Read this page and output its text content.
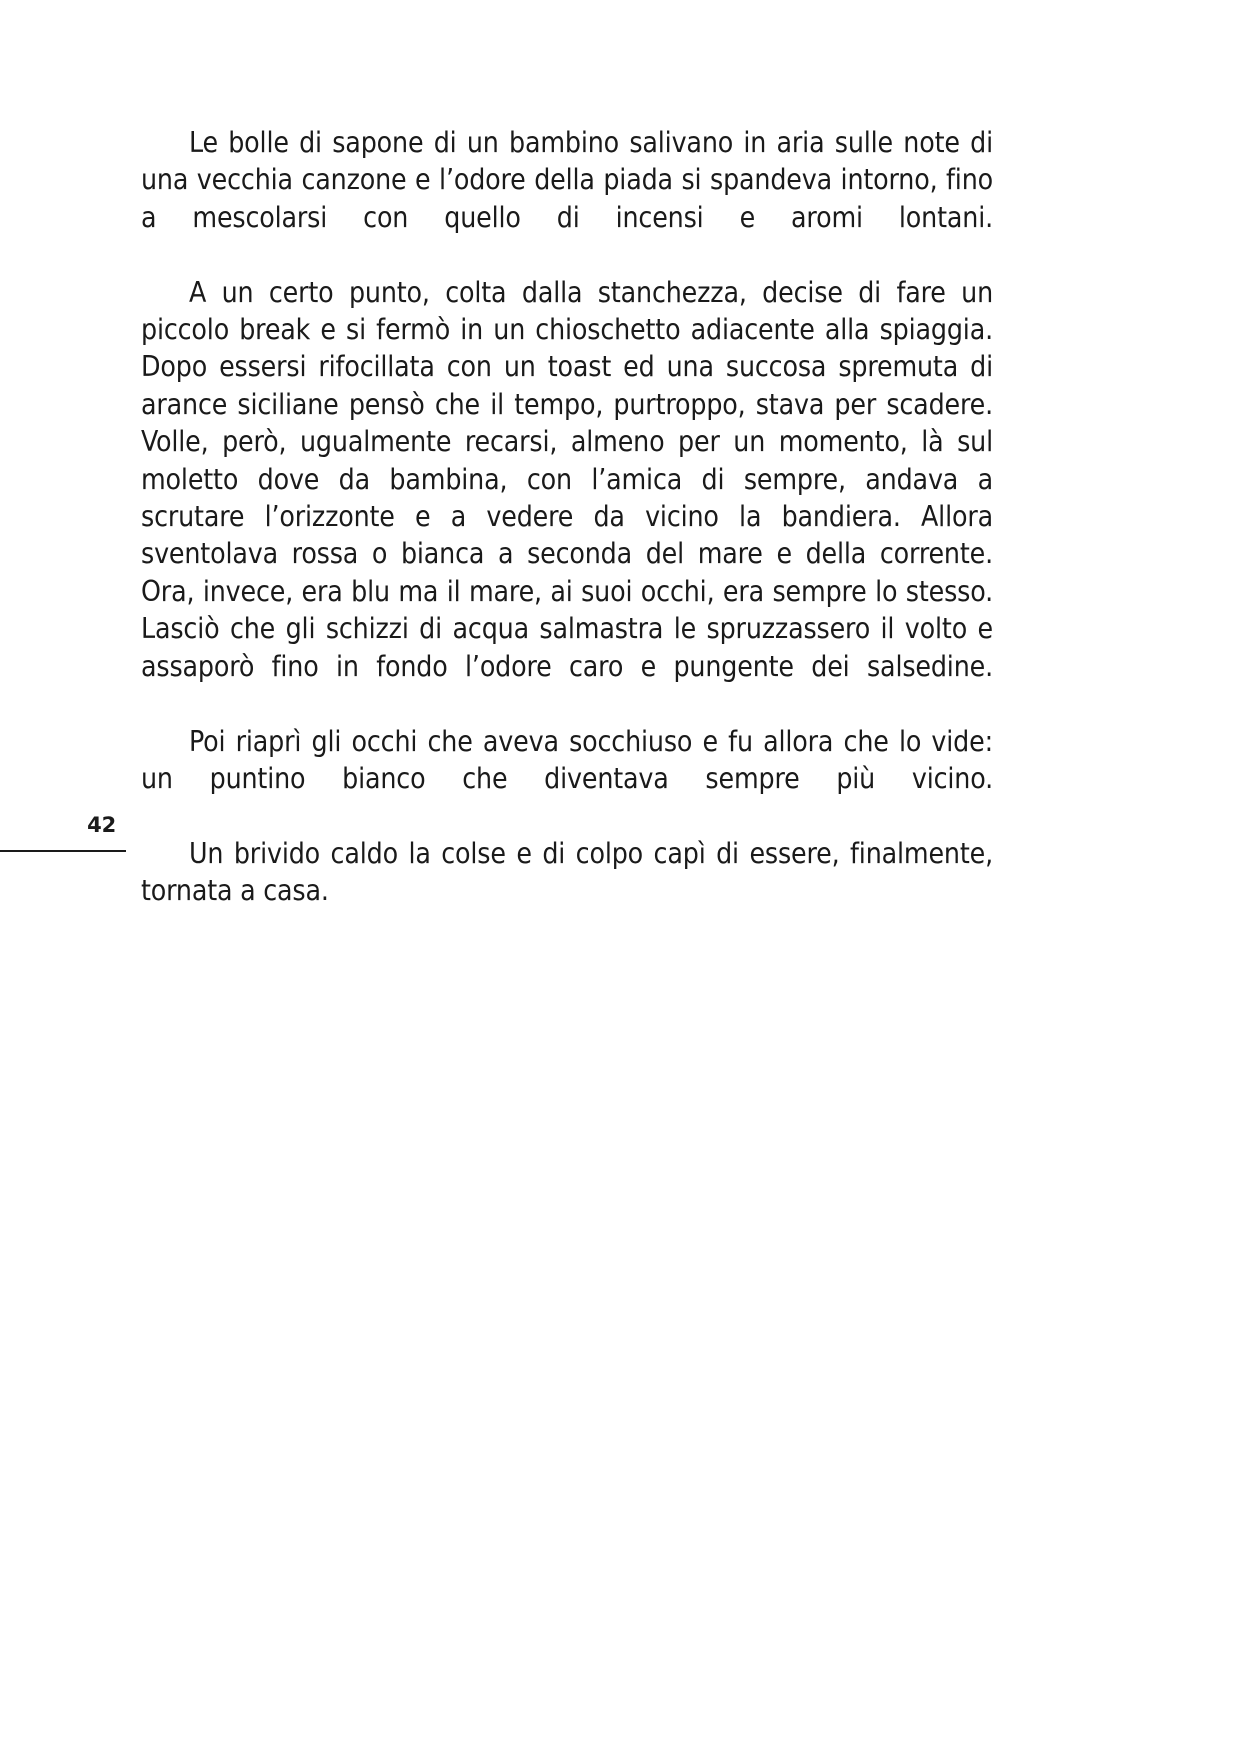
42

Le bolle di sapone di un bambino salivano in aria sulle note di una vecchia canzone e l’odore della piada si spandeva intorno, fino a mescolarsi con quello di incensi e aromi lontani.

A un certo punto, colta dalla stanchezza, decise di fare un piccolo break e si fermò in un chioschetto adiacente alla spiaggia. Dopo essersi rifocillata con un toast ed una succosa spremuta di arance siciliane pensò che il tempo, purtroppo, stava per scadere. Volle, però, ugualmente recarsi, almeno per un momento, là sul moletto dove da bambina, con l’amica di sempre, andava a scrutare l’orizzonte e a vedere da vicino la bandiera. Allora sventolava rossa o bianca a seconda del mare e della corrente. Ora, invece, era blu ma il mare, ai suoi occhi, era sempre lo stesso. Lasciò che gli schizzi di acqua salmastra le spruzzassero il volto e assaporò fino in fondo l’odore caro e pungente dei salsedine.

Poi riaprì gli occhi che aveva socchiuso e fu allora che lo vide: un puntino bianco che diventava sempre più vicino.

Un brivido caldo la colse e di colpo capì di essere, finalmente, tornata a casa.
